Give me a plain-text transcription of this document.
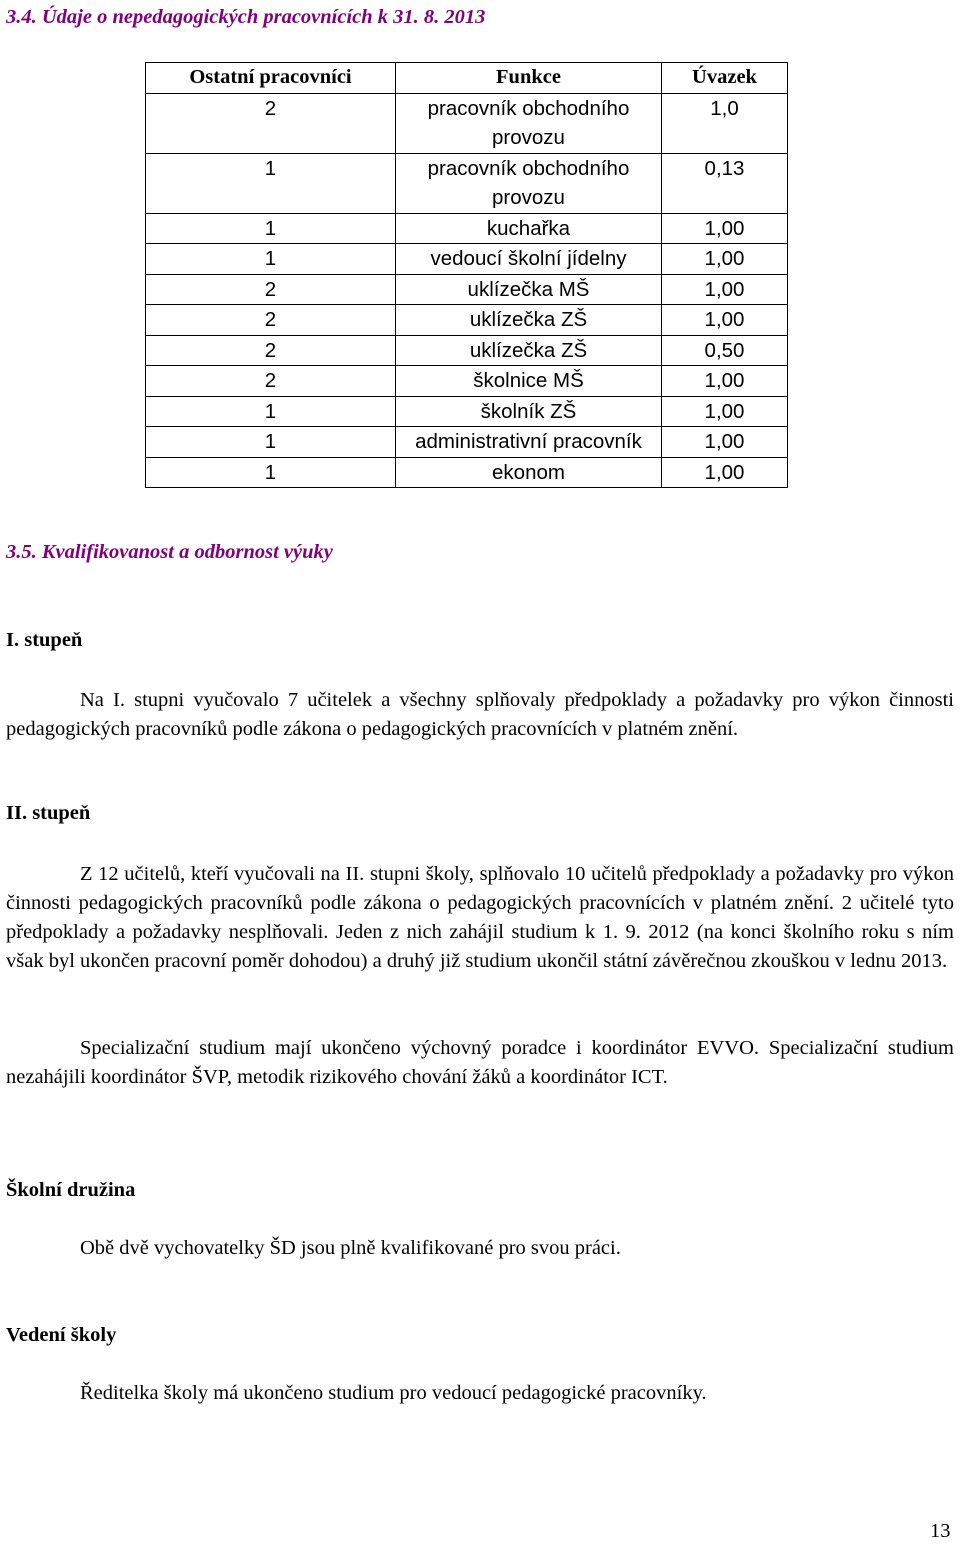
3.4. Údaje o nepedagogických pracovnících k 31. 8. 2013
Ostatní pracovníci	Funkce	Úvazek
2	pracovník obchodního provozu	1,0
1	pracovník obchodního provozu	0,13
1	kuchařka	1,00
1	vedoucí školní jídelny	1,00
2	uklízečka MŠ	1,00
2	uklízečka ZŠ	1,00
2	uklízečka ZŠ	0,50
2	školnice MŠ	1,00
1	školník ZŠ	1,00
1	administrativní pracovník	1,00
1	ekonom	1,00
3.5. Kvalifikovanost a odbornost výuky
I. stupeň
Na I. stupni vyučovalo 7 učitelek a všechny splňovaly předpoklady a požadavky pro výkon činnosti pedagogických pracovníků podle zákona o pedagogických pracovnících v platném znění.
II. stupeň
Z 12 učitelů, kteří vyučovali na II. stupni školy, splňovalo 10 učitelů předpoklady a požadavky pro výkon činnosti pedagogických pracovníků podle zákona o pedagogických pracovnících v platném znění. 2 učitelé tyto předpoklady a požadavky nesplňovali. Jeden z nich zahájil studium k 1. 9. 2012 (na konci školního roku s ním však byl ukončen pracovní poměr dohodou) a druhý již studium ukončil státní závěrečnou zkouškou v lednu 2013.
Specializační studium mají ukončeno výchovný poradce i koordinátor EVVO. Specializační studium nezahájili koordinátor ŠVP, metodik rizikového chování žáků a koordinátor ICT.
Školní družina
Obě dvě vychovatelky ŠD jsou plně kvalifikované pro svou práci.
Vedení školy
Ředitelka školy má ukončeno studium pro vedoucí pedagogické pracovníky.
13
